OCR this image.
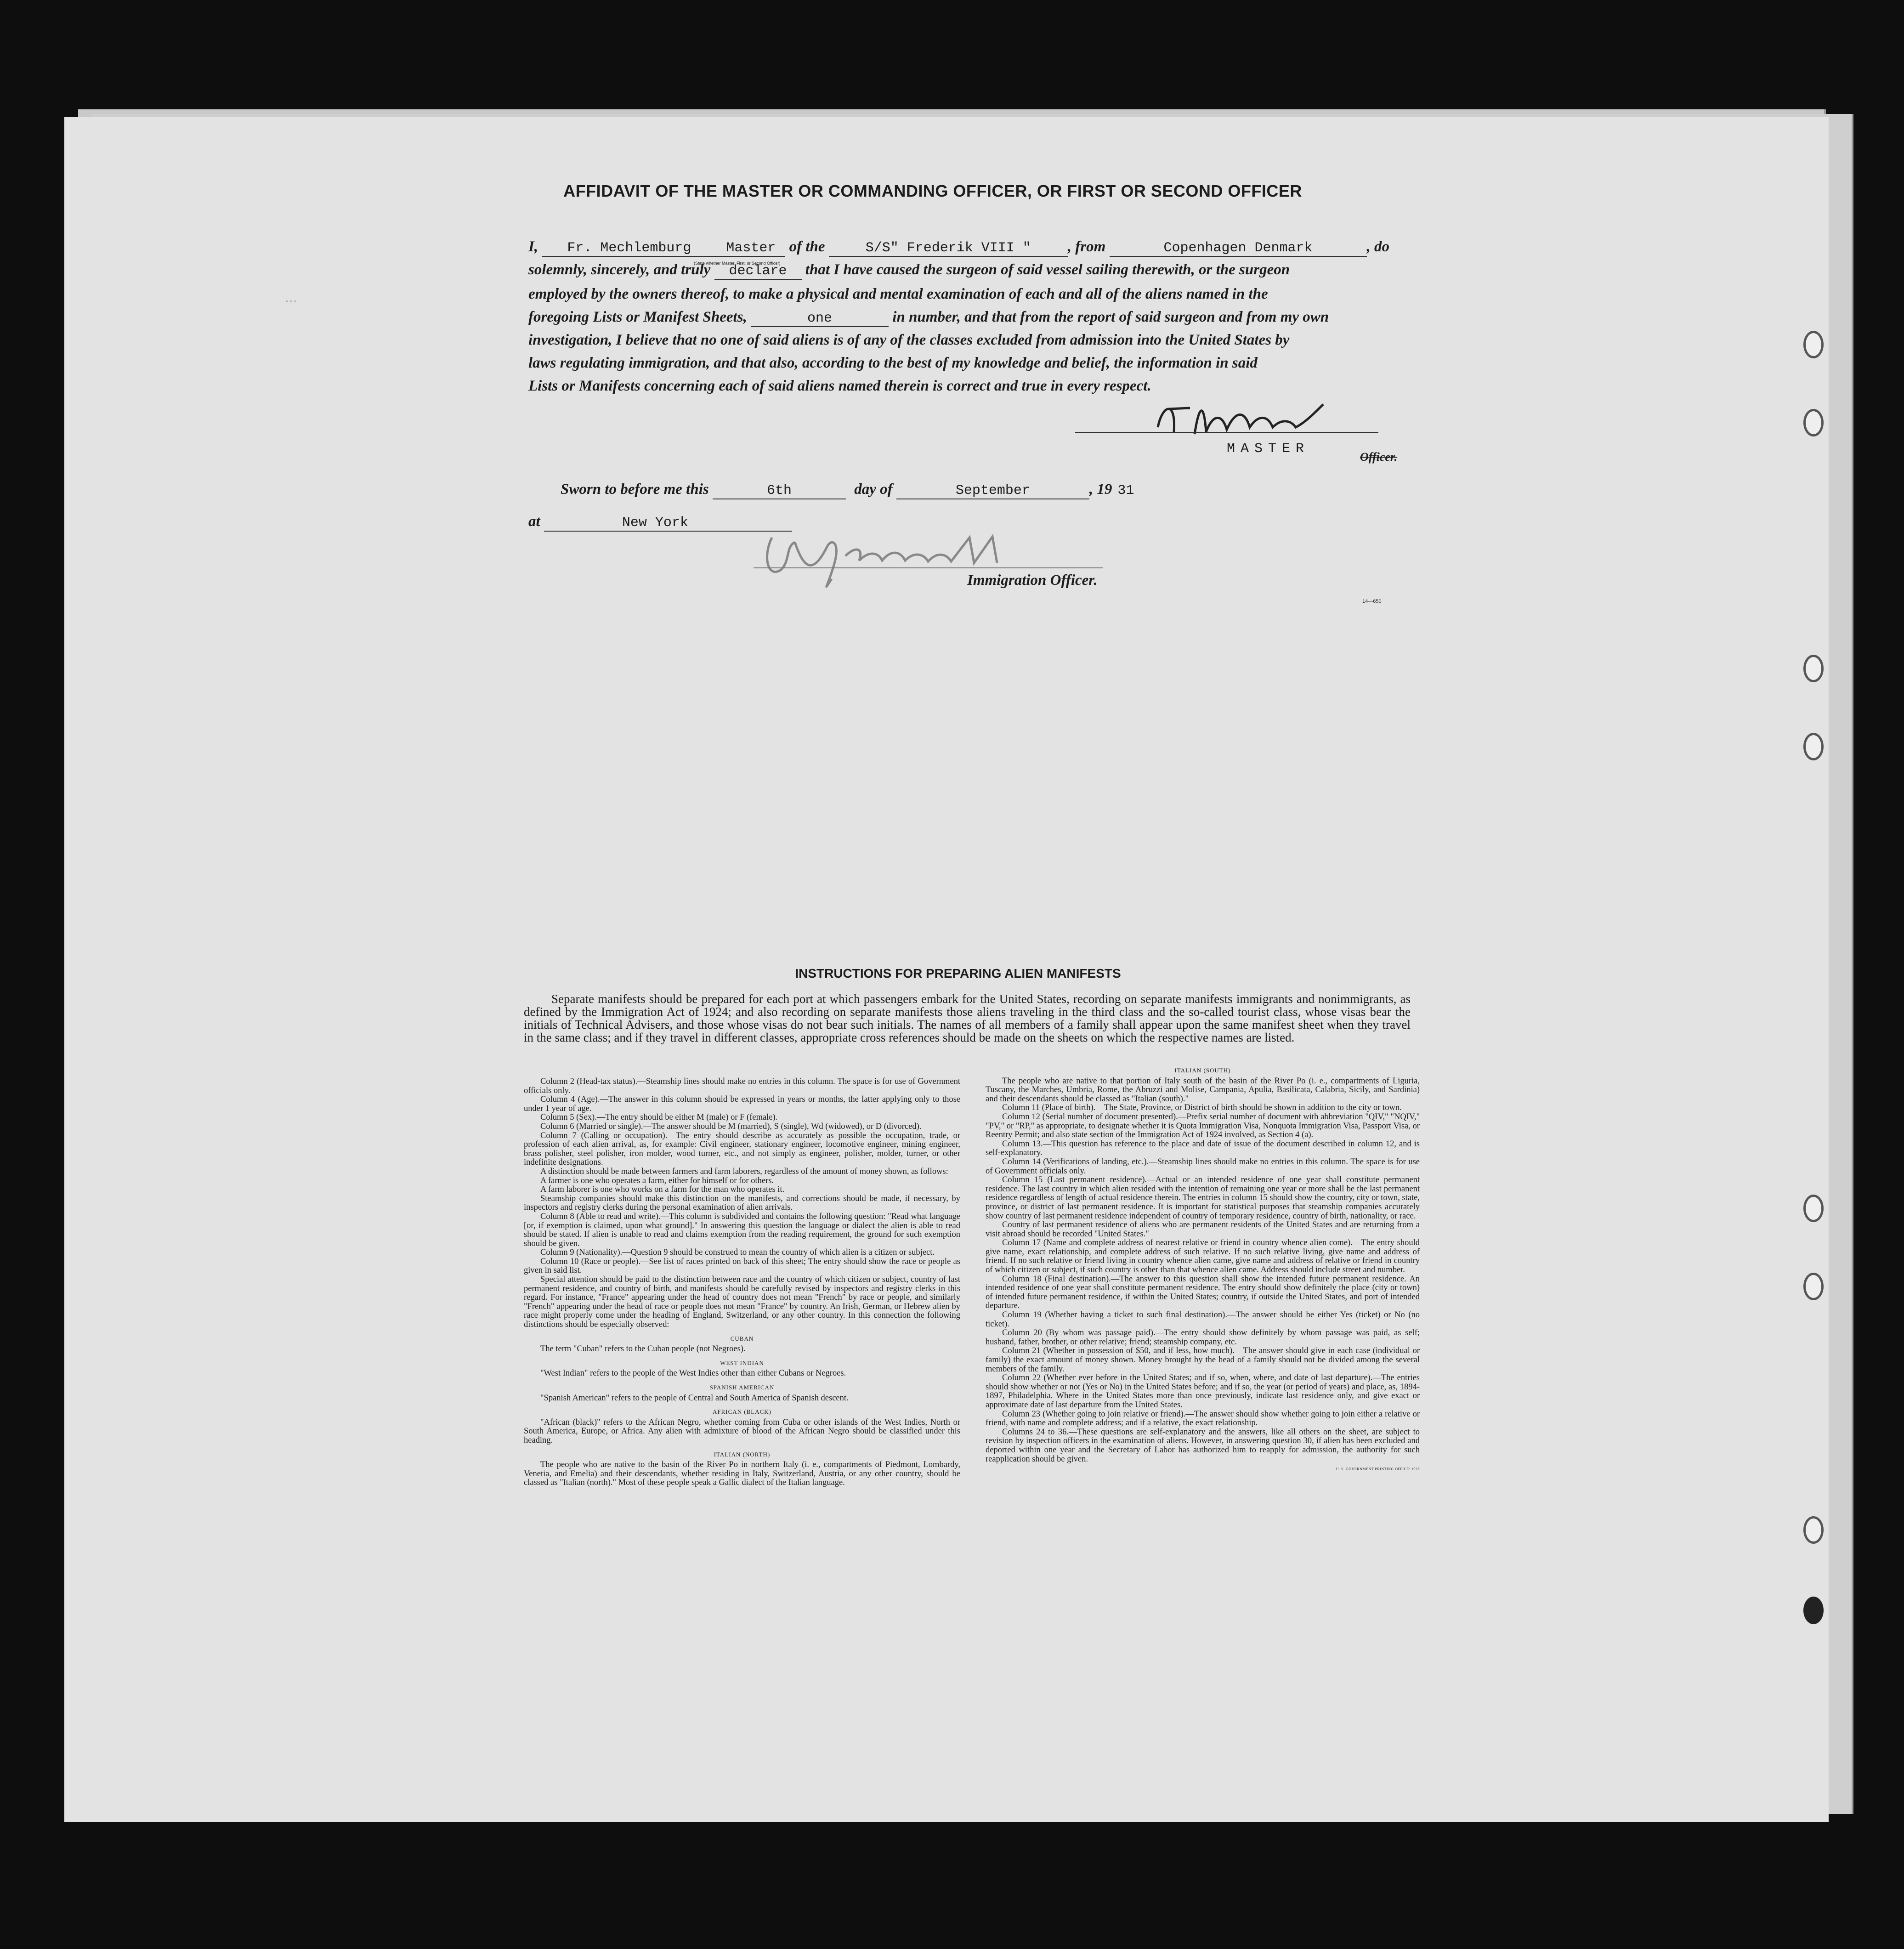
AFFIDAVIT OF THE MASTER OR COMMANDING OFFICER, OR FIRST OR SECOND OFFICER
I, Fr. Mechlemburg	Master of the	S/S" Frederik VIII " , from	Copenhagen Denmark	, do
(State whether Master, First, or Second Officer)
solemnly, sincerely, and truly declare that I have caused the surgeon of said vessel sailing therewith, or the surgeon
employed by the owners thereof, to make a physical and mental examination of each and all of the aliens named in the
foregoing Lists or Manifest Sheets,	one	in number, and that from the report of said surgeon and from my own
investigation, I believe that no one of said aliens is of any of the classes excluded from admission into the United States by
laws regulating immigration, and that also, according to the best of my knowledge and belief, the information in said
Lists or Manifests concerning each of said aliens named therein is correct and true in every respect.
MASTER
Officer.
Sworn to before me this	6th	day of	September	, 19 31
at	New York
Immigration Officer.
14—650
‧‧‧
INSTRUCTIONS FOR PREPARING ALIEN MANIFESTS
Separate manifests should be prepared for each port at which passengers embark for the United States, recording on separate manifests immigrants and nonimmigrants, as defined by the Immigration Act of 1924; and also recording on separate manifests those aliens traveling in the third class and the so-called tourist class, whose visas bear the initials of Technical Advisers, and those whose visas do not bear such initials. The names of all members of a family shall appear upon the same manifest sheet when they travel in the same class; and if they travel in different classes, appropriate cross references should be made on the sheets on which the respective names are listed.

Column 2 (Head-tax status).—Steamship lines should make no entries in this column. The space is for use of Government officials only.

Column 4 (Age).—The answer in this column should be expressed in years or months, the latter applying only to those under 1 year of age.

Column 5 (Sex).—The entry should be either M (male) or F (female).

Column 6 (Married or single).—The answer should be M (married), S (single), Wd (widowed), or D (divorced).

Column 7 (Calling or occupation).—The entry should describe as accurately as possible the occupation, trade, or profession of each alien arrival, as, for example: Civil engineer, stationary engineer, locomotive engineer, mining engineer, brass polisher, steel polisher, iron molder, wood turner, etc., and not simply as engineer, polisher, molder, turner, or other indefinite designations.

A distinction should be made between farmers and farm laborers, regardless of the amount of money shown, as follows:

A farmer is one who operates a farm, either for himself or for others.

A farm laborer is one who works on a farm for the man who operates it.

Steamship companies should make this distinction on the manifests, and corrections should be made, if necessary, by inspectors and registry clerks during the personal examination of alien arrivals.

Column 8 (Able to read and write).—This column is subdivided and contains the following question: "Read what language [or, if exemption is claimed, upon what ground]." In answering this question the language or dialect the alien is able to read should be stated. If alien is unable to read and claims exemption from the reading requirement, the ground for such exemption should be given.

Column 9 (Nationality).—Question 9 should be construed to mean the country of which alien is a citizen or subject.

Column 10 (Race or people).—See list of races printed on back of this sheet; The entry should show the race or people as given in said list.

Special attention should be paid to the distinction between race and the country of which citizen or subject, country of last permanent residence, and country of birth, and manifests should be carefully revised by inspectors and registry clerks in this regard. For instance, "France" appearing under the head of country does not mean "French" by race or people, and similarly "French" appearing under the head of race or people does not mean "France" by country. An Irish, German, or Hebrew alien by race might properly come under the heading of England, Switzerland, or any other country. In this connection the following distinctions should be especially observed:

CUBAN

The term "Cuban" refers to the Cuban people (not Negroes).

WEST INDIAN

"West Indian" refers to the people of the West Indies other than either Cubans or Negroes.

SPANISH AMERICAN

"Spanish American" refers to the people of Central and South America of Spanish descent.

AFRICAN (BLACK)

"African (black)" refers to the African Negro, whether coming from Cuba or other islands of the West Indies, North or South America, Europe, or Africa. Any alien with admixture of blood of the African Negro should be classified under this heading.

ITALIAN (NORTH)

The people who are native to the basin of the River Po in northern Italy (i. e., compartments of Piedmont, Lombardy, Venetia, and Emelia) and their descendants, whether residing in Italy, Switzerland, Austria, or any other country, should be classed as "Italian (north)." Most of these people speak a Gallic dialect of the Italian language.

ITALIAN (SOUTH)

The people who are native to that portion of Italy south of the basin of the River Po (i. e., compartments of Liguria, Tuscany, the Marches, Umbria, Rome, the Abruzzi and Molise, Campania, Apulia, Basilicata, Calabria, Sicily, and Sardinia) and their descendants should be classed as "Italian (south)."

Column 11 (Place of birth).—The State, Province, or District of birth should be shown in addition to the city or town.

Column 12 (Serial number of document presented).—Prefix serial number of document with abbreviation "QIV," "NQIV," "PV," or "RP," as appropriate, to designate whether it is Quota Immigration Visa, Nonquota Immigration Visa, Passport Visa, or Reentry Permit; and also state section of the Immigration Act of 1924 involved, as Section 4 (a).

Column 13.—This question has reference to the place and date of issue of the document described in column 12, and is self-explanatory.

Column 14 (Verifications of landing, etc.).—Steamship lines should make no entries in this column. The space is for use of Government officials only.

Column 15 (Last permanent residence).—Actual or an intended residence of one year shall constitute permanent residence. The last country in which alien resided with the intention of remaining one year or more shall be the last permanent residence regardless of length of actual residence therein. The entries in column 15 should show the country, city or town, state, province, or district of last permanent residence. It is important for statistical purposes that steamship companies accurately show country of last permanent residence independent of country of temporary residence, country of birth, nationality, or race.

Country of last permanent residence of aliens who are permanent residents of the United States and are returning from a visit abroad should be recorded "United States."

Column 17 (Name and complete address of nearest relative or friend in country whence alien come).—The entry should give name, exact relationship, and complete address of such relative. If no such relative living, give name and address of friend. If no such relative or friend living in country whence alien came, give name and address of relative or friend in country of which citizen or subject, if such country is other than that whence alien came. Address should include street and number.

Column 18 (Final destination).—The answer to this question shall show the intended future permanent residence. An intended residence of one year shall constitute permanent residence. The entry should show definitely the place (city or town) of intended future permanent residence, if within the United States; country, if outside the United States, and port of intended departure.

Column 19 (Whether having a ticket to such final destination).—The answer should be either Yes (ticket) or No (no ticket).

Column 20 (By whom was passage paid).—The entry should show definitely by whom passage was paid, as self; husband, father, brother, or other relative; friend; steamship company, etc.

Column 21 (Whether in possession of $50, and if less, how much).—The answer should give in each case (individual or family) the exact amount of money shown. Money brought by the head of a family should not be divided among the several members of the family.

Column 22 (Whether ever before in the United States; and if so, when, where, and date of last departure).—The entries should show whether or not (Yes or No) in the United States before; and if so, the year (or period of years) and place, as, 1894-1897, Philadelphia. Where in the United States more than once previously, indicate last residence only, and give exact or approximate date of last departure from the United States.

Column 23 (Whether going to join relative or friend).—The answer should show whether going to join either a relative or friend, with name and complete address; and if a relative, the exact relationship.

Columns 24 to 36.—These questions are self-explanatory and the answers, like all others on the sheet, are subject to revision by inspection officers in the examination of aliens. However, in answering question 30, if alien has been excluded and deported within one year and the Secretary of Labor has authorized him to reapply for admission, the authority for such reapplication should be given.

U. S. GOVERNMENT PRINTING OFFICE: 1928
